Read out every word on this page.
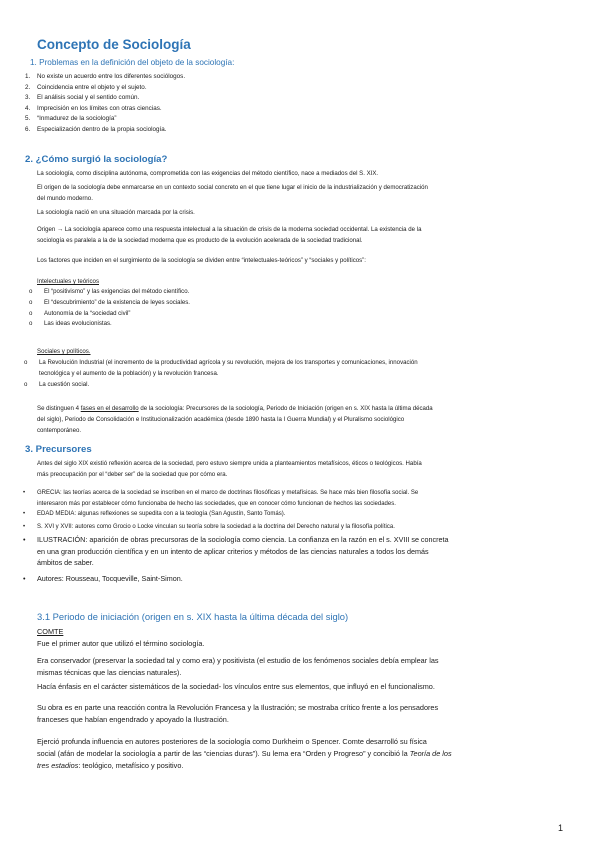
Concepto de Sociología

1. Problemas en la definición del objeto de la sociología:

1. No existe un acuerdo entre los diferentes sociólogos.
2. Coincidencia entre el objeto y el sujeto.
3. El análisis social y el sentido común.
4. Imprecisión en los límites con otras ciencias.
5. “Inmadurez de la sociología”
6. Especialización dentro de la propia sociología.
2. ¿Cómo surgió la sociología?

La sociología, como disciplina autónoma, comprometida con las exigencias del método científico, nace a mediados del S. XIX.

El origen de la sociología debe enmarcarse en un contexto social concreto en el que tiene lugar el inicio de la industrialización y democratización

del mundo moderno.

La sociología nació en una situación marcada por la crisis.

Origen → La sociología aparece como una respuesta intelectual a la situación de crisis de la moderna sociedad occidental. La existencia de la

sociología es paralela a la de la sociedad moderna que es producto de la evolución acelerada de la sociedad tradicional.

Los factores que inciden en el surgimiento de la sociología se dividen entre “intelectuales-teóricos” y “sociales y políticos”:

Intelectuales y teóricos

o El “positivismo” y las exigencias del método científico.
o El “descubrimiento” de la existencia de leyes sociales.
o Autonomía de la “sociedad civil”
o Las ideas evolucionistas.

Sociales y políticos.

o La Revolución Industrial (el incremento de la productividad agrícola y su revolución, mejora de los transportes y comunicaciones, innovación
tecnológica y el aumento de la población) y la revolución francesa.
o La cuestión social.

Se distinguen 4 fases en el desarrollo de la sociología: Precursores de la sociología, Periodo de Iniciación (origen en s. XIX hasta la última década

del siglo), Periodo de Consolidación e Institucionalización académica (desde 1890 hasta la I Guerra Mundial) y el Pluralismo sociológico

contemporáneo.

3. Precursores

Antes del siglo XIX existió reflexión acerca de la sociedad, pero estuvo siempre unida a planteamientos metafísicos, éticos o teológicos. Había

más preocupación por el “deber ser” de la sociedad que por cómo era.

• GRECIA: las teorías acerca de la sociedad se inscriben en el marco de doctrinas filosóficas y metafísicas. Se hace más bien filosofía social. Se
interesaron más por establecer cómo funcionaba de hecho las sociedades, que en conocer cómo funcionan de hechos las sociedades.
• EDAD MEDIA: algunas reflexiones se supedita con a la teología (San Agustín, Santo Tomás).
• S. XVI y XVII: autores como Grocio o Locke vinculan su teoría sobre la sociedad a la doctrina del Derecho natural y la filosofía política.
• ILUSTRACIÓN: aparición de obras precursoras de la sociología como ciencia. La confianza en la razón en el s. XVIII se concreta
en una gran producción científica y en un intento de aplicar criterios y métodos de las ciencias naturales a todos los demás
ámbitos de saber.
• Autores: Rousseau, Tocqueville, Saint-Simon.
3.1 Periodo de iniciación (origen en s. XIX hasta la última década del siglo)

COMTE

Fue el primer autor que utilizó el término sociología.

Era conservador (preservar la sociedad tal y como era) y positivista (el estudio de los fenómenos sociales debía emplear las

mismas técnicas que las ciencias naturales).

Hacía énfasis en el carácter sistemáticos de la sociedad- los vínculos entre sus elementos, que influyó en el funcionalismo.

Su obra es en parte una reacción contra la Revolución Francesa y la Ilustración; se mostraba crítico frente a los pensadores

franceses que habían engendrado y apoyado la Ilustración.

Ejerció profunda influencia en autores posteriores de la sociología como Durkheim o Spencer. Comte desarrolló su física

social (afán de modelar la sociología a partir de las “ciencias duras”). Su lema era “Orden y Progreso” y concibió la Teoría de los

tres estadios: teológico, metafísico y positivo.

1
